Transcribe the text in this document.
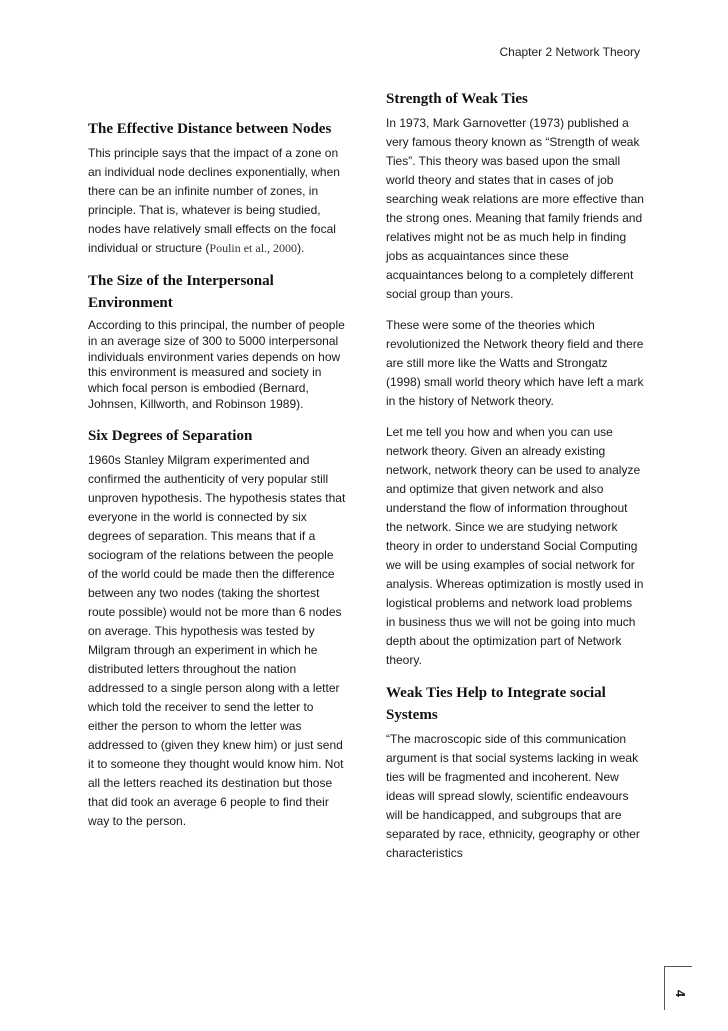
Chapter 2 Network Theory
The Effective Distance between Nodes

This principle says that the impact of a zone on an individual node declines exponentially, when there can be an infinite number of zones, in principle. That is, whatever is being studied, nodes have relatively small effects on the focal individual or structure (Poulin et al., 2000).

The Size of the Interpersonal Environment

According to this principal, the number of people in an average size of 300 to 5000 interpersonal individuals environment varies depends on how this environment is measured and society in which focal person is embodied (Bernard, Johnsen, Killworth, and Robinson 1989).

Six Degrees of Separation

1960s Stanley Milgram experimented and confirmed the authenticity of very popular still unproven hypothesis. The hypothesis states that everyone in the world is connected by six degrees of separation. This means that if a sociogram of the relations between the people of the world could be made then the difference between any two nodes (taking the shortest route possible) would not be more than 6 nodes on average. This hypothesis was tested by Milgram through an experiment in which he distributed letters throughout the nation addressed to a single person along with a letter which told the receiver to send the letter to either the person to whom the letter was addressed to (given they knew him) or just send it to someone they thought would know him. Not all the letters reached its destination but those that did took an average 6 people to find their way to the person.

Strength of Weak Ties

In 1973, Mark Garnovetter (1973) published a very famous theory known as “Strength of weak Ties”. This theory was based upon the small world theory and states that in cases of job searching weak relations are more effective than the strong ones. Meaning that family friends and relatives might not be as much help in finding jobs as acquaintances since these acquaintances belong to a completely different social group than yours.

These were some of the theories which revolutionized the Network theory field and there are still more like the Watts and Strongatz (1998) small world theory which have left a mark in the history of Network theory.

Let me tell you how and when you can use network theory. Given an already existing network, network theory can be used to analyze and optimize that given network and also understand the flow of information throughout the network. Since we are studying network theory in order to understand Social Computing we will be using examples of social network for analysis. Whereas optimization is mostly used in logistical problems and network load problems in business thus we will not be going into much depth about the optimization part of Network theory.

Weak Ties Help to Integrate social Systems

“The macroscopic side of this communication argument is that social systems lacking in weak ties will be fragmented and incoherent. New ideas will spread slowly, scientific endeavours will be handicapped, and subgroups that are separated by race, ethnicity, geography or other characteristics

4
